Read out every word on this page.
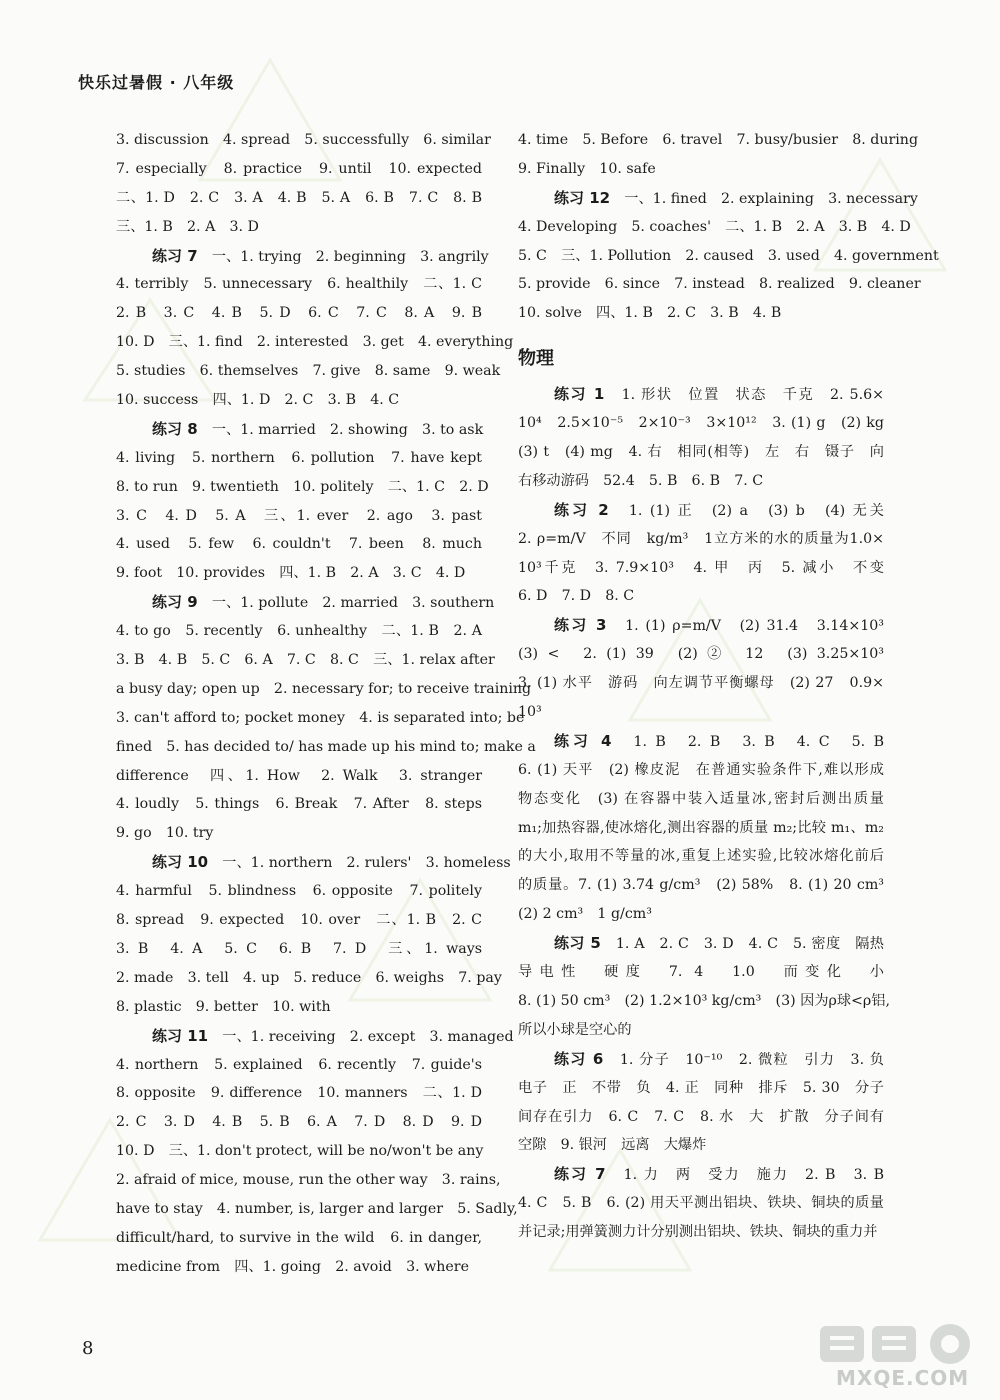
快乐过暑假 · 八年级
3. discussion　4. spread　5. successfully　6. similar
7. especially　8. practice　9. until　10. expected
二、1. D　2. C　3. A　4. B　5. A　6. B　7. C　8. B
三、1. B　2. A　3. D
练习 7　一、1. trying　2. beginning　3. angrily
4. terribly　5. unnecessary　6. healthily　二、1. C
2. B　3. C　4. B　5. D　6. C　7. C　8. A　9. B
10. D　三、1. find　2. interested　3. get　4. everything
5. studies　6. themselves　7. give　8. same　9. weak
10. success　四、1. D　2. C　3. B　4. C
练习 8　一、1. married　2. showing　3. to ask
4. living　5. northern　6. pollution　7. have kept
8. to run　9. twentieth　10. politely　二、1. C　2. D
3. C　4. D　5. A　三、1. ever　2. ago　3. past
4. used　5. few　6. couldn't　7. been　8. much
9. foot　10. provides　四、1. B　2. A　3. C　4. D
练习 9　一、1. pollute　2. married　3. southern
4. to go　5. recently　6. unhealthy　二、1. B　2. A
3. B　4. B　5. C　6. A　7. C　8. C　三、1. relax after
a busy day; open up　2. necessary for; to receive training
3. can't afford to; pocket money　4. is separated into; be
fined　5. has decided to/ has made up his mind to; make a
difference　四、1. How　2. Walk　3. stranger
4. loudly　5. things　6. Break　7. After　8. steps
9. go　10. try
练习 10　一、1. northern　2. rulers'　3. homeless
4. harmful　5. blindness　6. opposite　7. politely
8. spread　9. expected　10. over　二、1. B　2. C
3. B　4. A　5. C　6. B　7. D　三、1. ways
2. made　3. tell　4. up　5. reduce　6. weighs　7. pay
8. plastic　9. better　10. with
练习 11　一、1. receiving　2. except　3. managed
4. northern　5. explained　6. recently　7. guide's
8. opposite　9. difference　10. manners　二、1. D
2. C　3. D　4. B　5. B　6. A　7. D　8. D　9. D
10. D　三、1. don't protect, will be no/won't be any
2. afraid of mice, mouse, run the other way　3. rains,
have to stay　4. number, is, larger and larger　5. Sadly,
difficult/hard, to survive in the wild　6. in danger,
medicine from　四、1. going　2. avoid　3. where
4. time　5. Before　6. travel　7. busy/busier　8. during
9. Finally　10. safe
练习 12　一、1. fined　2. explaining　3. necessary
4. Developing　5. coaches'　二、1. B　2. A　3. B　4. D
5. C　三、1. Pollution　2. caused　3. used　4. government
5. provide　6. since　7. instead　8. realized　9. cleaner
10. solve　四、1. B　2. C　3. B　4. B
物理
练习 1　1. 形状　位置　状态　千克　2. 5.6×
10⁴　2.5×10⁻⁵　2×10⁻³　3×10¹²　3. (1) g　(2) kg
(3) t　(4) mg　4. 右　相同(相等)　左　右　镊子　向
右移动游码　52.4　5. B　6. B　7. C
练习 2　1. (1) 正　(2) a　(3) b　(4) 无关
2. ρ=m/V　不同　kg/m³　1立方米的水的质量为1.0×
10³千克　3. 7.9×10³　4. 甲　丙　5. 减小　不变
6. D　7. D　8. C
练习 3　1. (1) ρ=m/V　(2) 31.4　3.14×10³
(3) <　2. (1) 39　(2) ②　12　(3) 3.25×10³
3. (1) 水平　游码　向左调节平衡螺母　(2) 27　0.9×
10³
练习 4　1. B　2. B　3. B　4. C　5. B
6. (1) 天平　(2) 橡皮泥　在普通实验条件下,难以形成
物态变化　(3) 在容器中装入适量冰,密封后测出质量
m₁;加热容器,使冰熔化,测出容器的质量 m₂;比较 m₁、m₂
的大小,取用不等量的冰,重复上述实验,比较冰熔化前后
的质量。7. (1) 3.74 g/cm³　(2) 58%　8. (1) 20 cm³
(2) 2 cm³　1 g/cm³
练习 5　1. A　2. C　3. D　4. C　5. 密度　隔热
导电性　硬度　7. 4　1.0　而变化　小
8. (1) 50 cm³　(2) 1.2×10³ kg/cm³　(3) 因为ρ球<ρ铝,
所以小球是空心的
练习 6　1. 分子　10⁻¹⁰　2. 微粒　引力　3. 负
电子　正　不带　负　4. 正　同种　排斥　5. 30　分子
间存在引力　6. C　7. C　8. 水　大　扩散　分子间有
空隙　9. 银河　远离　大爆炸
练习 7　1. 力　两　受力　施力　2. B　3. B
4. C　5. B　6. (2) 用天平测出铝块、铁块、铜块的质量
并记录;用弹簧测力计分别测出铝块、铁块、铜块的重力并
8
MXQE.COM
